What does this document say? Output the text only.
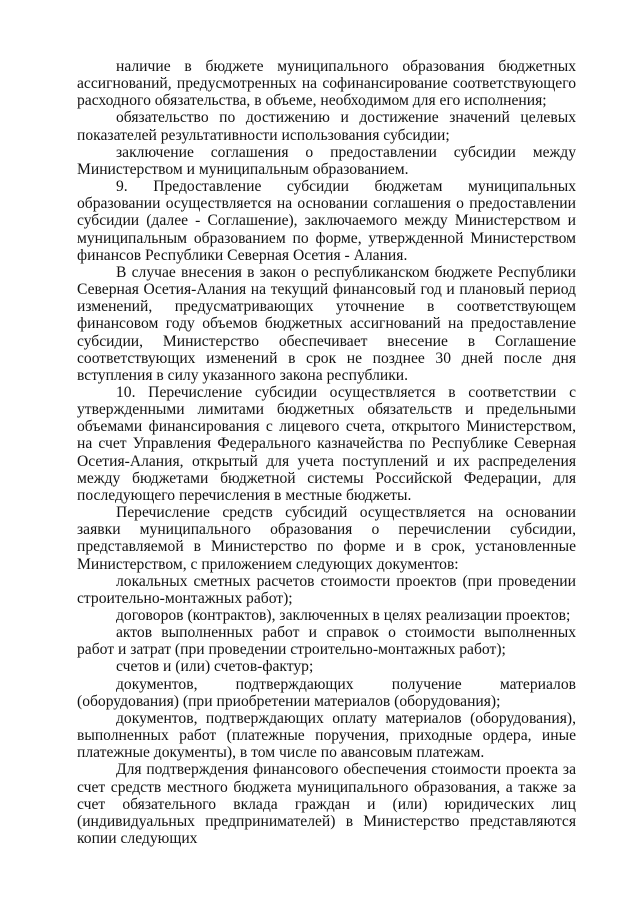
наличие в бюджете муниципального образования бюджетных ассигнований, предусмотренных на софинансирование соответствующего расходного обязательства, в объеме, необходимом для его исполнения;

обязательство по достижению и достижение значений целевых показателей результативности использования субсидии;

заключение соглашения о предоставлении субсидии между Министерством и муниципальным образованием.

9. Предоставление субсидии бюджетам муниципальных образовании осуществляется на основании соглашения о предоставлении субсидии (далее - Соглашение), заключаемого между Министерством и муниципальным образованием по форме, утвержденной Министерством финансов Республики Северная Осетия - Алания.

В случае внесения в закон о республиканском бюджете Республики Северная Осетия-Алания на текущий финансовый год и плановый период изменений, предусматривающих уточнение в соответствующем финансовом году объемов бюджетных ассигнований на предоставление субсидии, Министерство обеспечивает внесение в Соглашение соответствующих изменений в срок не позднее 30 дней после дня вступления в силу указанного закона республики.

10. Перечисление субсидии осуществляется в соответствии с утвержденными лимитами бюджетных обязательств и предельными объемами финансирования с лицевого счета, открытого Министерством, на счет Управления Федерального казначейства по Республике Северная Осетия-Алания, открытый для учета поступлений и их распределения между бюджетами бюджетной системы Российской Федерации, для последующего перечисления в местные бюджеты.

Перечисление средств субсидий осуществляется на основании заявки муниципального образования о перечислении субсидии, представляемой в Министерство по форме и в срок, установленные Министерством, с приложением следующих документов:

локальных сметных расчетов стоимости проектов (при проведении строительно-монтажных работ);

договоров (контрактов), заключенных в целях реализации проектов;

актов выполненных работ и справок о стоимости выполненных работ и затрат (при проведении строительно-монтажных работ);

счетов и (или) счетов-фактур;

документов, подтверждающих получение материалов (оборудования) (при приобретении материалов (оборудования);

документов, подтверждающих оплату материалов (оборудования), выполненных работ (платежные поручения, приходные ордера, иные платежные документы), в том числе по авансовым платежам.

Для подтверждения финансового обеспечения стоимости проекта за счет средств местного бюджета муниципального образования, а также за счет обязательного вклада граждан и (или) юридических лиц (индивидуальных предпринимателей) в Министерство представляются копии следующих
